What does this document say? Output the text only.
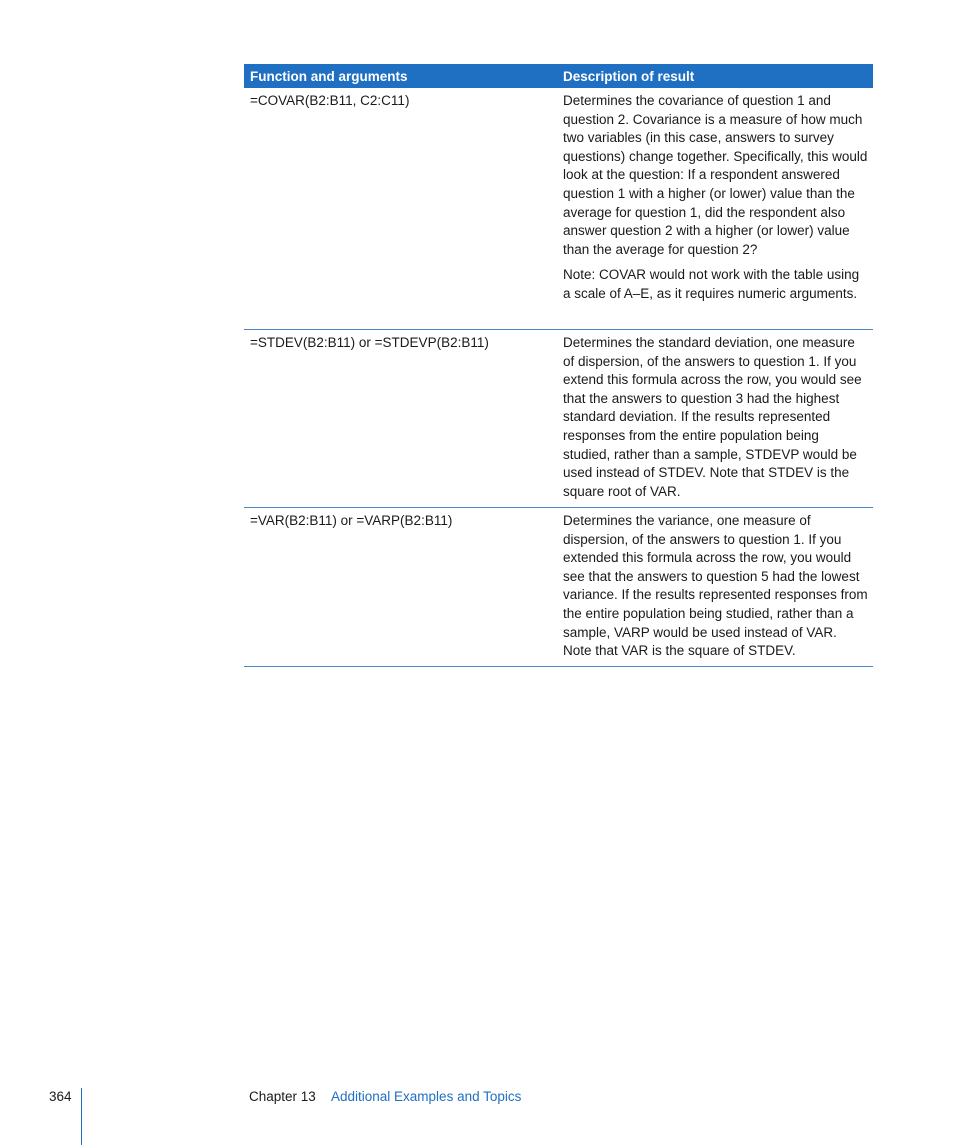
Function and arguments	Description of result
=COVAR(B2:B11, C2:C11)	Determines the covariance of question 1 and question 2. Covariance is a measure of how much two variables (in this case, answers to survey questions) change together. Specifically, this would look at the question: If a respondent answered question 1 with a higher (or lower) value than the average for question 1, did the respondent also answer question 2 with a higher (or lower) value than the average for question 2?

Note: COVAR would not work with the table using a scale of A–E, as it requires numeric arguments.

=STDEV(B2:B11) or =STDEVP(B2:B11)	Determines the standard deviation, one measure of dispersion, of the answers to question 1. If you extend this formula across the row, you would see that the answers to question 3 had the highest standard deviation. If the results represented responses from the entire population being studied, rather than a sample, STDEVP would be used instead of STDEV. Note that STDEV is the square root of VAR.

=VAR(B2:B11) or =VARP(B2:B11)	Determines the variance, one measure of dispersion, of the answers to question 1. If you extended this formula across the row, you would see that the answers to question 5 had the lowest variance. If the results represented responses from the entire population being studied, rather than a sample, VARP would be used instead of VAR. Note that VAR is the square of STDEV.

364	Chapter 13 Additional Examples and Topics
